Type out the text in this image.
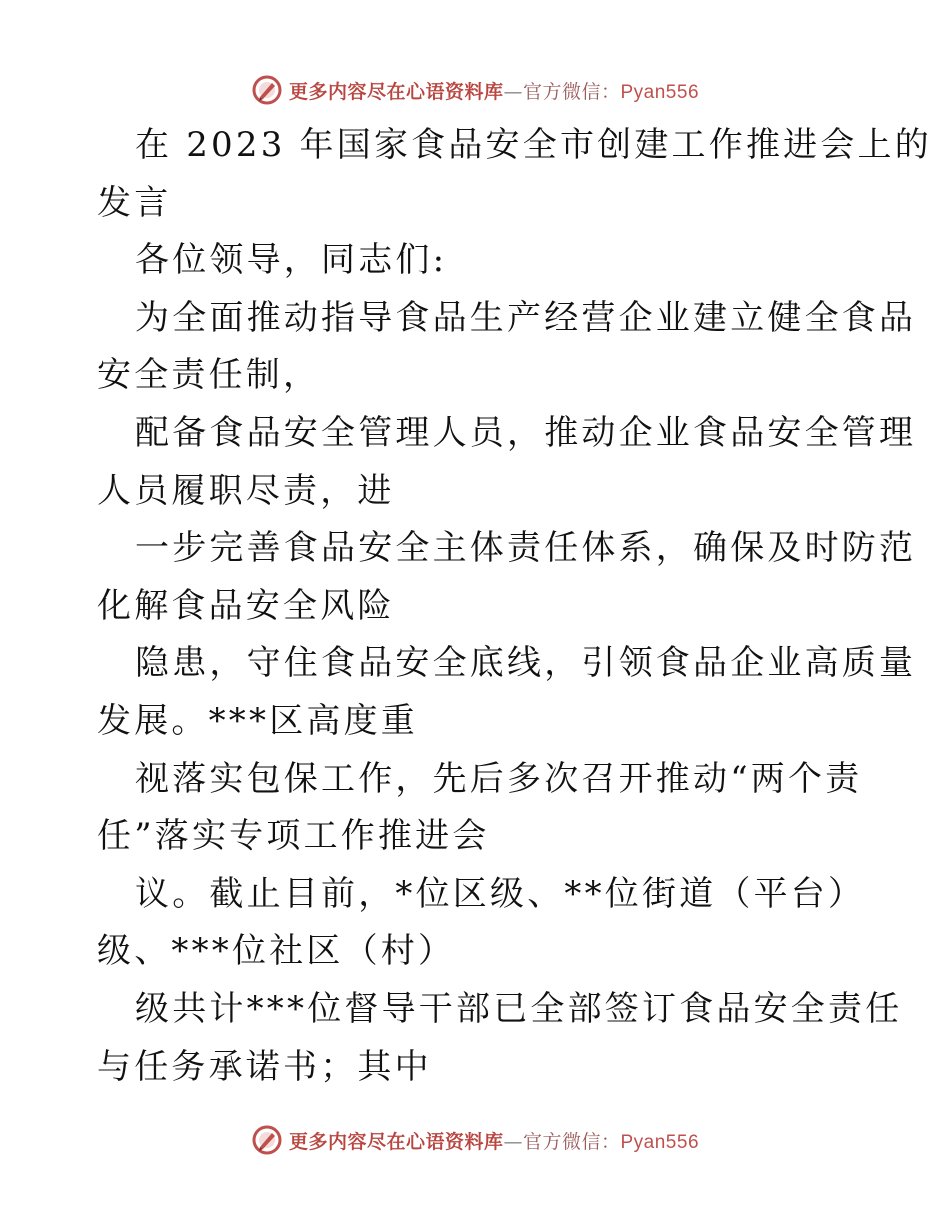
更多内容尽在心语资料库—官方微信：Pyan556
在 2023 年国家食品安全市创建工作推进会上的
发言
各位领导，同志们:
为全面推动指导食品生产经营企业建立健全食品
安全责任制，
配备食品安全管理人员，推动企业食品安全管理
人员履职尽责，进
一步完善食品安全主体责任体系，确保及时防范
化解食品安全风险
隐患，守住食品安全底线，引领食品企业高质量
发展。***区高度重
视落实包保工作，先后多次召开推动“两个责
任”落实专项工作推进会
议。截止目前，*位区级、**位街道（平台）
级、***位社区（村）
级共计***位督导干部已全部签订食品安全责任
与任务承诺书；其中
更多内容尽在心语资料库—官方微信：Pyan556
